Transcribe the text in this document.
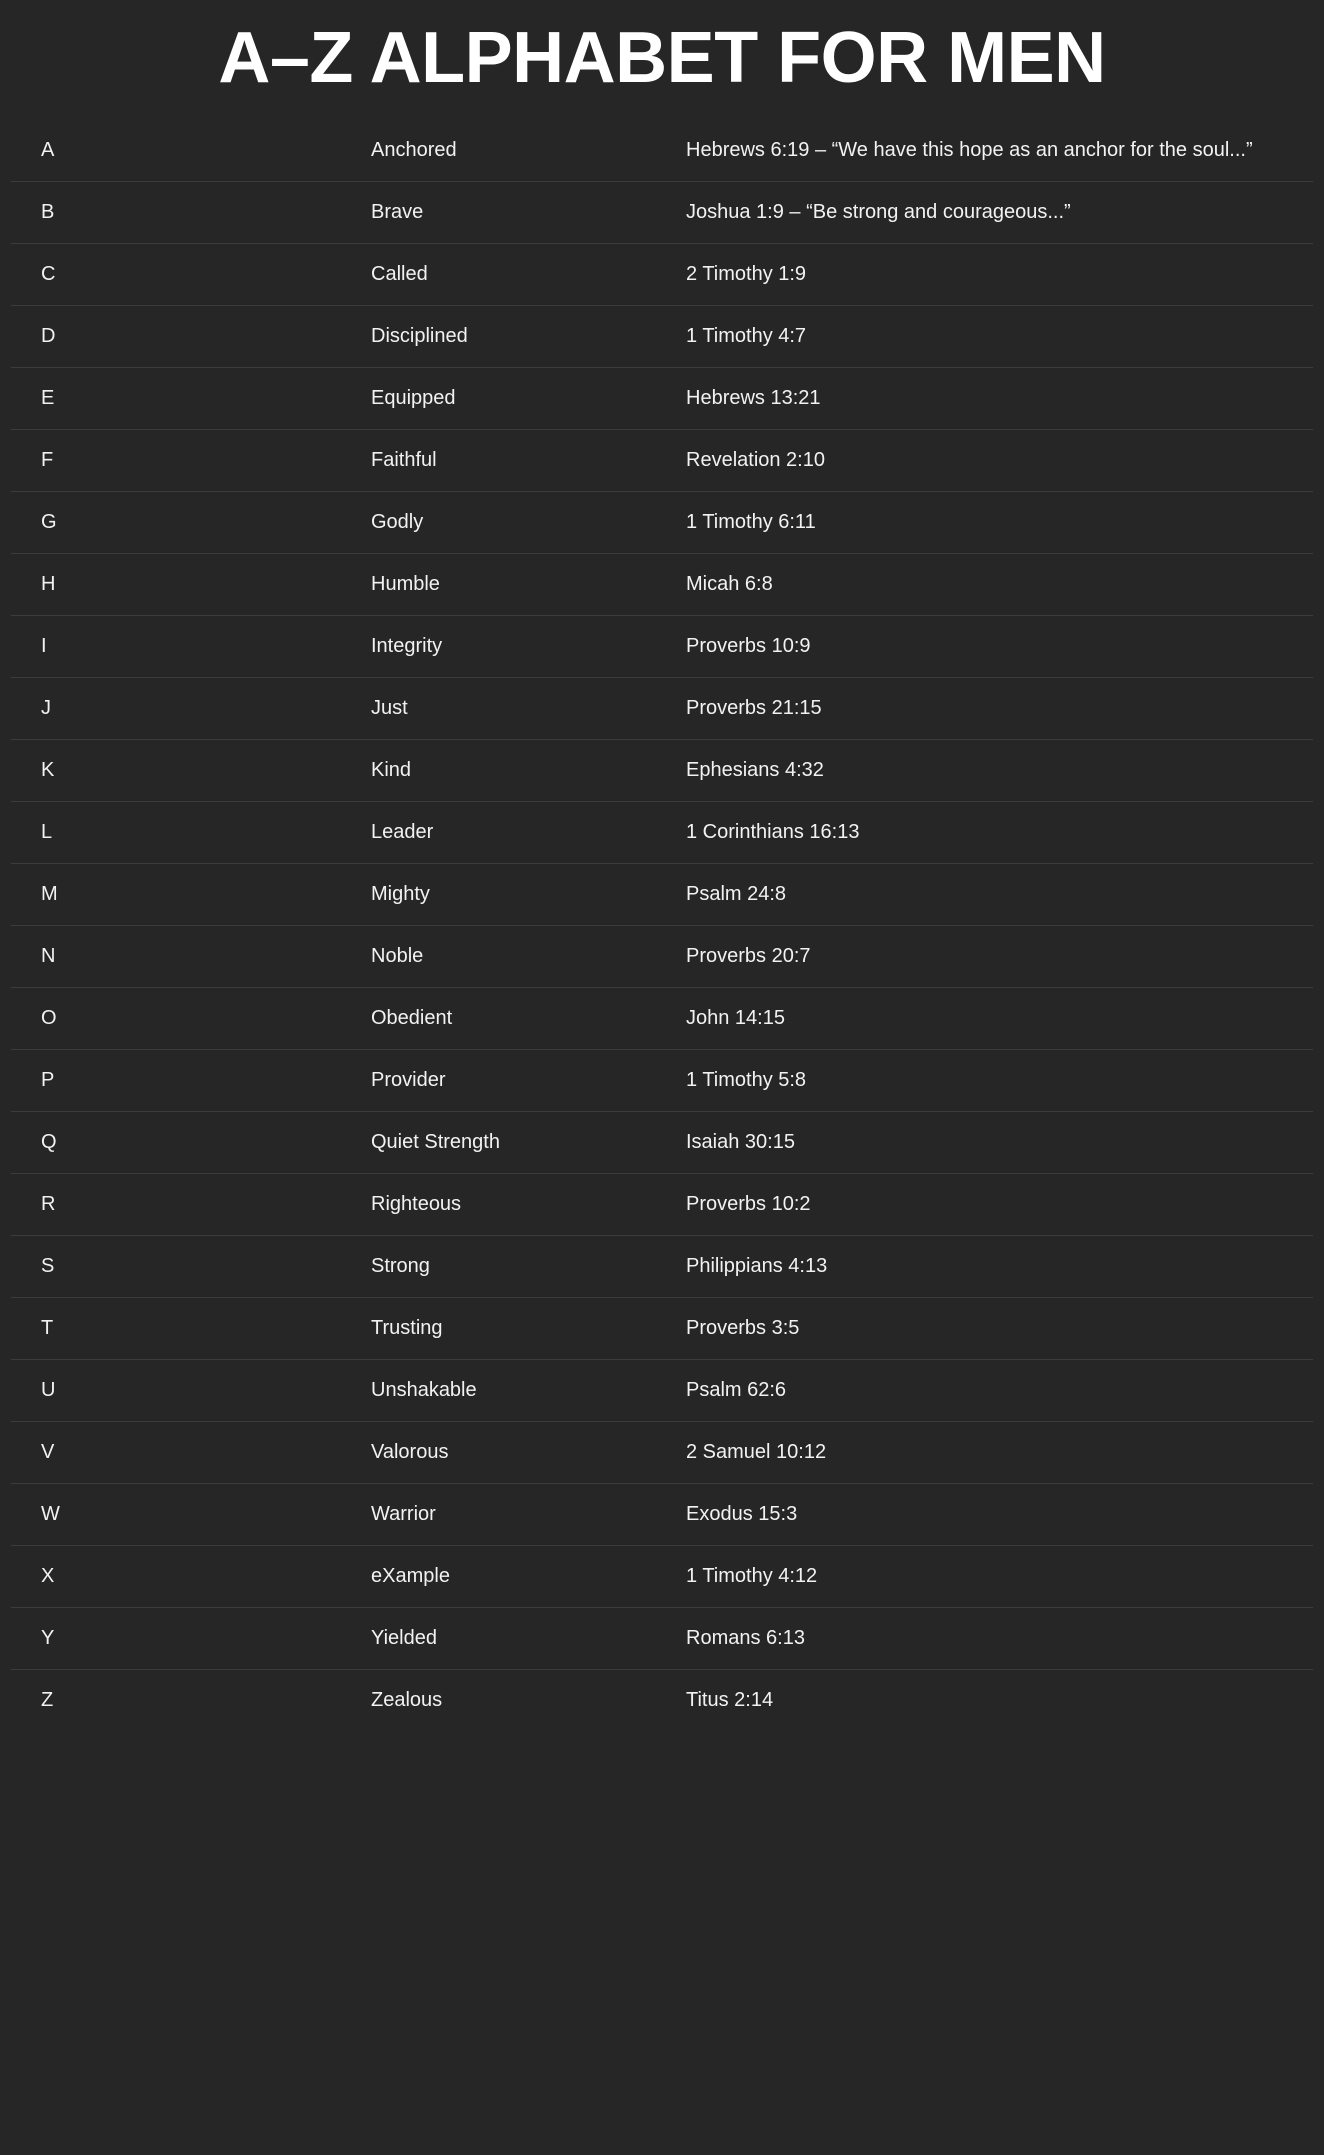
A–Z ALPHABET FOR MEN
A	Anchored	Hebrews 6:19 – “We have this hope as an anchor for the soul...”
B	Brave	Joshua 1:9 – “Be strong and courageous...”
C	Called	2 Timothy 1:9
D	Disciplined	1 Timothy 4:7
E	Equipped	Hebrews 13:21
F	Faithful	Revelation 2:10
G	Godly	1 Timothy 6:11
H	Humble	Micah 6:8
I	Integrity	Proverbs 10:9
J	Just	Proverbs 21:15
K	Kind	Ephesians 4:32
L	Leader	1 Corinthians 16:13
M	Mighty	Psalm 24:8
N	Noble	Proverbs 20:7
O	Obedient	John 14:15
P	Provider	1 Timothy 5:8
Q	Quiet Strength	Isaiah 30:15
R	Righteous	Proverbs 10:2
S	Strong	Philippians 4:13
T	Trusting	Proverbs 3:5
U	Unshakable	Psalm 62:6
V	Valorous	2 Samuel 10:12
W	Warrior	Exodus 15:3
X	eXample	1 Timothy 4:12
Y	Yielded	Romans 6:13
Z	Zealous	Titus 2:14
